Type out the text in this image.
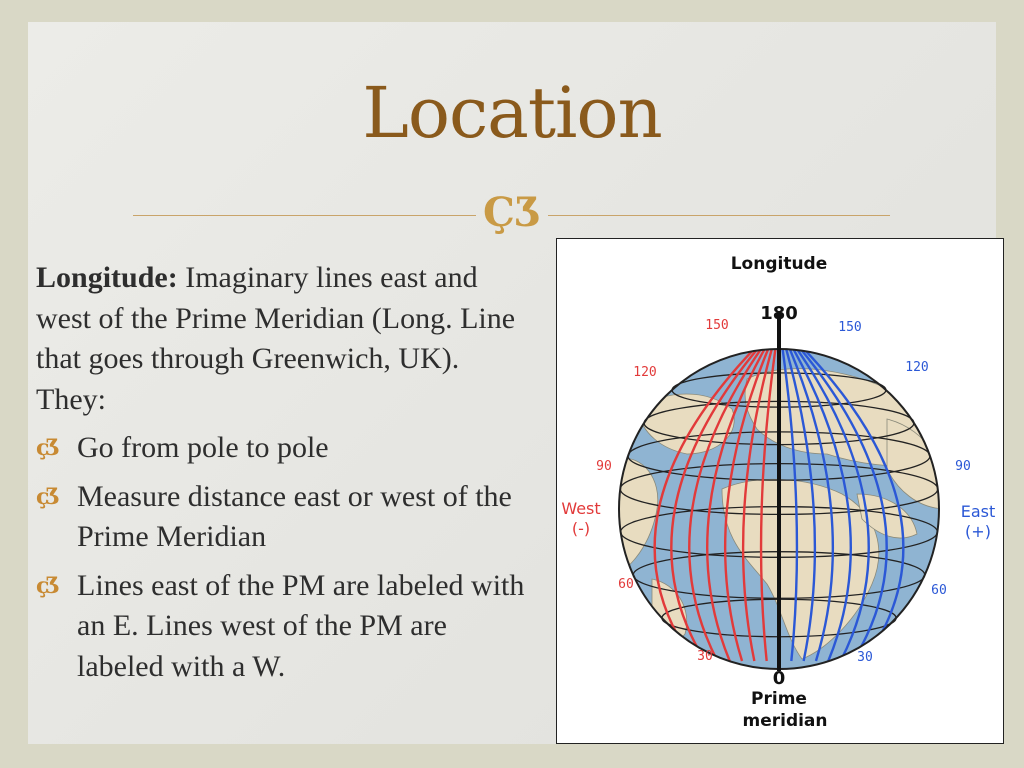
Location
ÇƷ
Longitude: Imaginary lines east and west of the Prime Meridian (Long. Line that goes through Greenwich, UK). They:
çƷ Go from pole to pole
çƷ Measure distance east or west of the Prime Meridian
çƷ Lines east of the PM are labeled with an E. Lines west of the PM are labeled with a W.
Longitude
180
0
Prime
meridian
West
(-)
East
(+)
150
120
90
60
30
150
120
90
60
30
